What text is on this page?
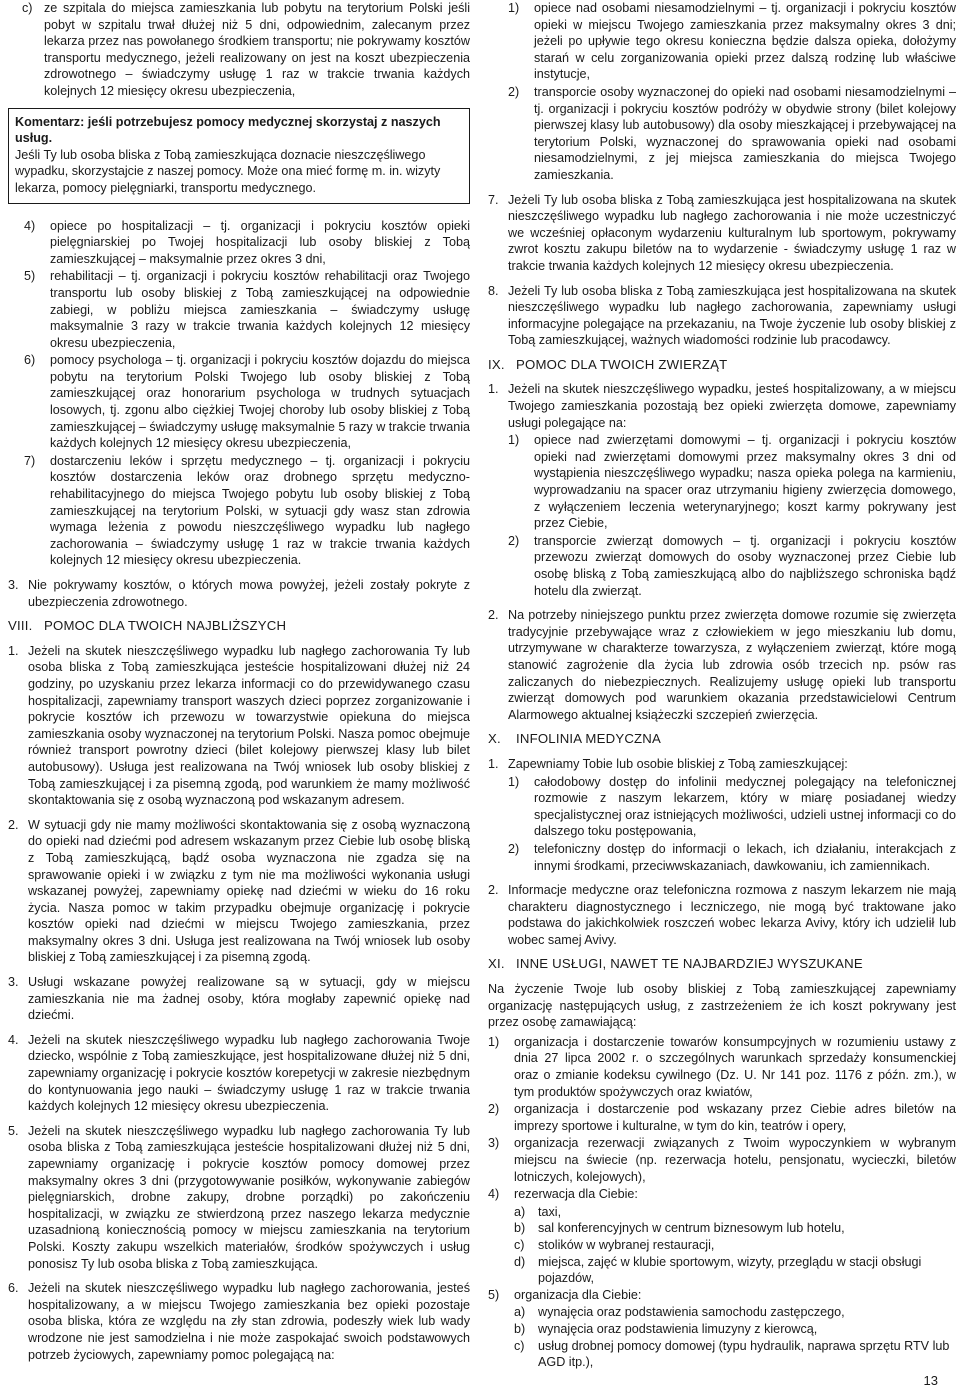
c) ze szpitala do miejsca zamieszkania lub pobytu na terytorium Polski jeśli pobyt w szpitalu trwał dłużej niż 5 dni, odpowiednim, zalecanym przez lekarza przez nas powołanego środkiem transportu; nie pokrywamy kosztów transportu medycznego, jeżeli realizowany on jest na koszt ubezpieczenia zdrowotnego – świadczymy usługę 1 raz w trakcie trwania każdych kolejnych 12 miesięcy okresu ubezpieczenia,

Komentarz: jeśli potrzebujesz pomocy medycznej skorzystaj z naszych usług.

Jeśli Ty lub osoba bliska z Tobą zamieszkująca doznacie nieszczęśliwego wypadku, skorzystajcie z naszej pomocy. Może ona mieć formę m. in. wizyty lekarza, pomocy pielęgniarki, transportu medycznego.

4)	opiece po hospitalizacji – tj. organizacji i pokryciu kosztów opieki pielęgniarskiej po Twojej hospitalizacji lub osoby bliskiej z Tobą zamieszkującej – maksymalnie przez okres 3 dni,
5)	rehabilitacji – tj. organizacji i pokryciu kosztów rehabilitacji oraz Twojego transportu lub osoby bliskiej z Tobą zamieszkującej na odpowiednie zabiegi, w pobliżu miejsca zamieszkania – świadczymy usługę maksymalnie 3 razy w trakcie trwania każdych kolejnych 12 miesięcy okresu ubezpieczenia,
6)	pomocy psychologa – tj. organizacji i pokryciu kosztów dojazdu do miejsca pobytu na terytorium Polski Twojego lub osoby bliskiej z Tobą zamieszkującej oraz honorarium psychologa w trudnych sytuacjach losowych, tj. zgonu albo ciężkiej Twojej choroby lub osoby bliskiej z Tobą zamieszkującej – świadczymy usługę maksymalnie 5 razy w trakcie trwania każdych kolejnych 12 miesięcy okresu ubezpieczenia,
7)	dostarczeniu leków i sprzętu medycznego – tj. organizacji i pokryciu kosztów dostarczenia leków oraz drobnego sprzętu medyczno-rehabilitacyjnego do miejsca Twojego pobytu lub osoby bliskiej z Tobą zamieszkującej na terytorium Polski, w sytuacji gdy wasz stan zdrowia wymaga leżenia z powodu nieszczęśliwego wypadku lub nagłego zachorowania – świadczymy usługę 1 raz w trakcie trwania każdych kolejnych 12 miesięcy okresu ubezpieczenia.
3. Nie pokrywamy kosztów, o których mowa powyżej, jeżeli zostały pokryte z ubezpieczenia zdrowotnego.
VIII. POMOC DLA TWOICH NAJBLIŻSZYCH
1. Jeżeli na skutek nieszczęśliwego wypadku lub nagłego zachorowania Ty lub osoba bliska z Tobą zamieszkująca jesteście hospitalizowani dłużej niż 24 godziny, po uzyskaniu przez lekarza informacji co do przewidywanego czasu hospitalizacji, zapewniamy transport waszych dzieci poprzez zorganizowanie i pokrycie kosztów ich przewozu w towarzystwie opiekuna do miejsca zamieszkania osoby wyznaczonej na terytorium Polski. Nasza pomoc obejmuje również transport powrotny dzieci (bilet kolejowy pierwszej klasy lub bilet autobusowy). Usługa jest realizowana na Twój wniosek lub osoby bliskiej z Tobą zamieszkującej i za pisemną zgodą, pod warunkiem że mamy możliwość skontaktowania się z osobą wyznaczoną pod wskazanym adresem.
2. W sytuacji gdy nie mamy możliwości skontaktowania się z osobą wyznaczoną do opieki nad dziećmi pod adresem wskazanym przez Ciebie lub osobę bliską z Tobą zamieszkującą, bądź osoba wyznaczona nie zgadza się na sprawowanie opieki i w związku z tym nie ma możliwości wykonania usługi wskazanej powyżej, zapewniamy opiekę nad dziećmi w wieku do 16 roku życia. Nasza pomoc w takim przypadku obejmuje organizację i pokrycie kosztów opieki nad dziećmi w miejscu Twojego zamieszkania, przez maksymalny okres 3 dni. Usługa jest realizowana na Twój wniosek lub osoby bliskiej z Tobą zamieszkującej i za pisemną zgodą.
3. Usługi wskazane powyżej realizowane są w sytuacji, gdy w miejscu zamieszkania nie ma żadnej osoby, która mogłaby zapewnić opiekę nad dziećmi.
4. Jeżeli na skutek nieszczęśliwego wypadku lub nagłego zachorowania Twoje dziecko, wspólnie z Tobą zamieszkujące, jest hospitalizowane dłużej niż 5 dni, zapewniamy organizację i pokrycie kosztów korepetycji w zakresie niezbędnym do kontynuowania jego nauki – świadczymy usługę 1 raz w trakcie trwania każdych kolejnych 12 miesięcy okresu ubezpieczenia.
5. Jeżeli na skutek nieszczęśliwego wypadku lub nagłego zachorowania Ty lub osoba bliska z Tobą zamieszkująca jesteście hospitalizowani dłużej niż 5 dni, zapewniamy organizację i pokrycie kosztów pomocy domowej przez maksymalny okres 3 dni (przygotowywanie posiłków, wykonywanie zabiegów pielęgniarskich, drobne zakupy, drobne porządki) po zakończeniu hospitalizacji, w związku ze stwierdzoną przez naszego lekarza medycznie uzasadnioną koniecznością pomocy w miejscu zamieszkania na terytorium Polski. Koszty zakupu wszelkich materiałów, środków spożywczych i usług ponosisz Ty lub osoba bliska z Tobą zamieszkująca.
6. Jeżeli na skutek nieszczęśliwego wypadku lub nagłego zachorowania, jesteś hospitalizowany, a w miejscu Twojego zamieszkania bez opieki pozostaje osoba bliska, która ze względu na zły stan zdrowia, podeszły wiek lub wady wrodzone nie jest samodzielna i nie może zaspokajać swoich podstawowych potrzeb życiowych, zapewniamy pomoc polegającą na:
1)	opiece nad osobami niesamodzielnymi – tj. organizacji i pokryciu kosztów opieki w miejscu Twojego zamieszkania przez maksymalny okres 3 dni; jeżeli po upływie tego okresu konieczna będzie dalsza opieka, dołożymy starań w celu zorganizowania opieki przez dalszą rodzinę lub właściwe instytucje,
2)	transporcie osoby wyznaczonej do opieki nad osobami niesamodzielnymi – tj. organizacji i pokryciu kosztów podróży w obydwie strony (bilet kolejowy pierwszej klasy lub autobusowy) dla osoby mieszkającej i przebywającej na terytorium Polski, wyznaczonej do sprawowania opieki nad osobami niesamodzielnymi, z jej miejsca zamieszkania do miejsca Twojego zamieszkania.
7. Jeżeli Ty lub osoba bliska z Tobą zamieszkująca jest hospitalizowana na skutek nieszczęśliwego wypadku lub nagłego zachorowania i nie może uczestniczyć we wcześniej opłaconym wydarzeniu kulturalnym lub sportowym, pokrywamy zwrot kosztu zakupu biletów na to wydarzenie - świadczymy usługę 1 raz w trakcie trwania każdych kolejnych 12 miesięcy okresu ubezpieczenia.
8. Jeżeli Ty lub osoba bliska z Tobą zamieszkująca jest hospitalizowana na skutek nieszczęśliwego wypadku lub nagłego zachorowania, zapewniamy usługi informacyjne polegające na przekazaniu, na Twoje życzenie lub osoby bliskiej z Tobą zamieszkującej, ważnych wiadomości rodzinie lub pracodawcy.
IX. POMOC DLA TWOICH ZWIERZĄT
1. Jeżeli na skutek nieszczęśliwego wypadku, jesteś hospitalizowany, a w miejscu Twojego zamieszkania pozostają bez opieki zwierzęta domowe, zapewniamy usługi polegające na:
1)	opiece nad zwierzętami domowymi – tj. organizacji i pokryciu kosztów opieki nad zwierzętami domowymi przez maksymalny okres 3 dni od wystąpienia nieszczęśliwego wypadku; nasza opieka polega na karmieniu, wyprowadzaniu na spacer oraz utrzymaniu higieny zwierzęcia domowego, z wyłączeniem leczenia weterynaryjnego; koszt karmy pokrywany jest przez Ciebie,
2)	transporcie zwierząt domowych – tj. organizacji i pokryciu kosztów przewozu zwierząt domowych do osoby wyznaczonej przez Ciebie lub osobę bliską z Tobą zamieszkującą albo do najbliższego schroniska bądź hotelu dla zwierząt.
2. Na potrzeby niniejszego punktu przez zwierzęta domowe rozumie się zwierzęta tradycyjnie przebywające wraz z człowiekiem w jego mieszkaniu lub domu, utrzymywane w charakterze towarzysza, z wyłączeniem zwierząt, które mogą stanowić zagrożenie dla życia lub zdrowia osób trzecich np. psów ras zaliczanych do niebezpiecznych. Realizujemy usługę opieki lub transportu zwierząt domowych pod warunkiem okazania przedstawicielowi Centrum Alarmowego aktualnej książeczki szczepień zwierzęcia.
X.	INFOLINIA MEDYCZNA
1. Zapewniamy Tobie lub osobie bliskiej z Tobą zamieszkującej:
1)	całodobowy dostęp do infolinii medycznej polegający na telefonicznej rozmowie z naszym lekarzem, który w miarę posiadanej wiedzy specjalistycznej oraz istniejących możliwości, udzieli ustnej informacji co do dalszego toku postępowania,
2)	telefoniczny dostęp do informacji o lekach, ich działaniu, interakcjach z innymi środkami, przeciwwskazaniach, dawkowaniu, ich zamiennikach.
2. Informacje medyczne oraz telefoniczna rozmowa z naszym lekarzem nie mają charakteru diagnostycznego i leczniczego, nie mogą być traktowane jako podstawa do jakichkolwiek roszczeń wobec lekarza Avivy, który ich udzielił lub wobec samej Avivy.
XI. INNE USŁUGI, NAWET TE NAJBARDZIEJ WYSZUKANE

Na życzenie Twoje lub osoby bliskiej z Tobą zamieszkującej zapewniamy organizację następujących usług, z zastrzeżeniem że ich koszt pokrywany jest przez osobę zamawiającą:

1)	organizacja i dostarczenie towarów konsumpcyjnych w rozumieniu ustawy z dnia 27 lipca 2002 r. o szczególnych warunkach sprzedaży konsumenckiej oraz o zmianie kodeksu cywilnego (Dz. U. Nr 141 poz. 1176 z późn. zm.), w tym produktów spożywczych oraz kwiatów,
2)	organizacja i dostarczenie pod wskazany przez Ciebie adres biletów na imprezy sportowe i kulturalne, w tym do kin, teatrów i opery,
3)	organizacja rezerwacji związanych z Twoim wypoczynkiem w wybranym miejscu na świecie (np. rezerwacja hotelu, pensjonatu, wycieczki, biletów lotniczych, kolejowych),
4)	rezerwacja dla Ciebie:
a)	taxi,
b)	sal konferencyjnych w centrum biznesowym lub hotelu,
c)	stolików w wybranej restauracji,
d)	miejsca, zajęć w klubie sportowym, wizyty, przeglądu w stacji obsługi pojazdów,
5)	organizacja dla Ciebie:
a)	wynajęcia oraz podstawienia samochodu zastępczego,
b)	wynajęcia oraz podstawienia limuzyny z kierowcą,
c)	usług drobnej pomocy domowej (typu hydraulik, naprawa sprzętu RTV lub AGD itp.),
13
